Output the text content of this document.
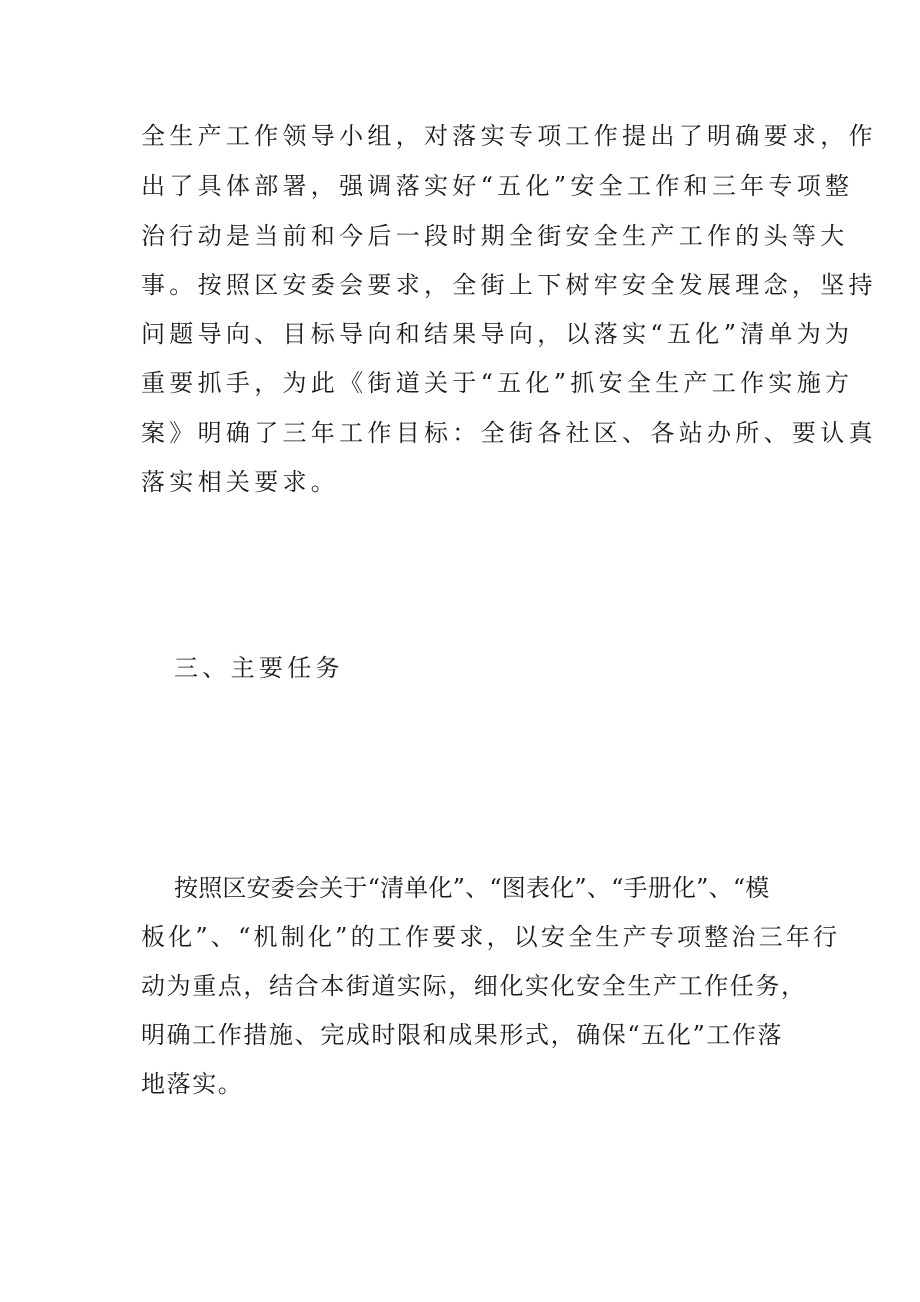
全生产工作领导小组，对落实专项工作提出了明确要求，作
出了具体部署，强调落实好“五化”安全工作和三年专项整
治行动是当前和今后一段时期全街安全生产工作的头等大
事。按照区安委会要求，全街上下树牢安全发展理念，坚持
问题导向、目标导向和结果导向，以落实“五化”清单为为
重要抓手，为此《街道关于“五化”抓安全生产工作实施方
案》明确了三年工作目标：全街各社区、各站办所、要认真
落实相关要求。
三、主要任务
按照区安委会关于“清单化”、“图表化”、“手册化”、“模
板化”、“机制化”的工作要求，以安全生产专项整治三年行
动为重点，结合本街道实际，细化实化安全生产工作任务，
明确工作措施、完成时限和成果形式，确保“五化”工作落
地落实。
